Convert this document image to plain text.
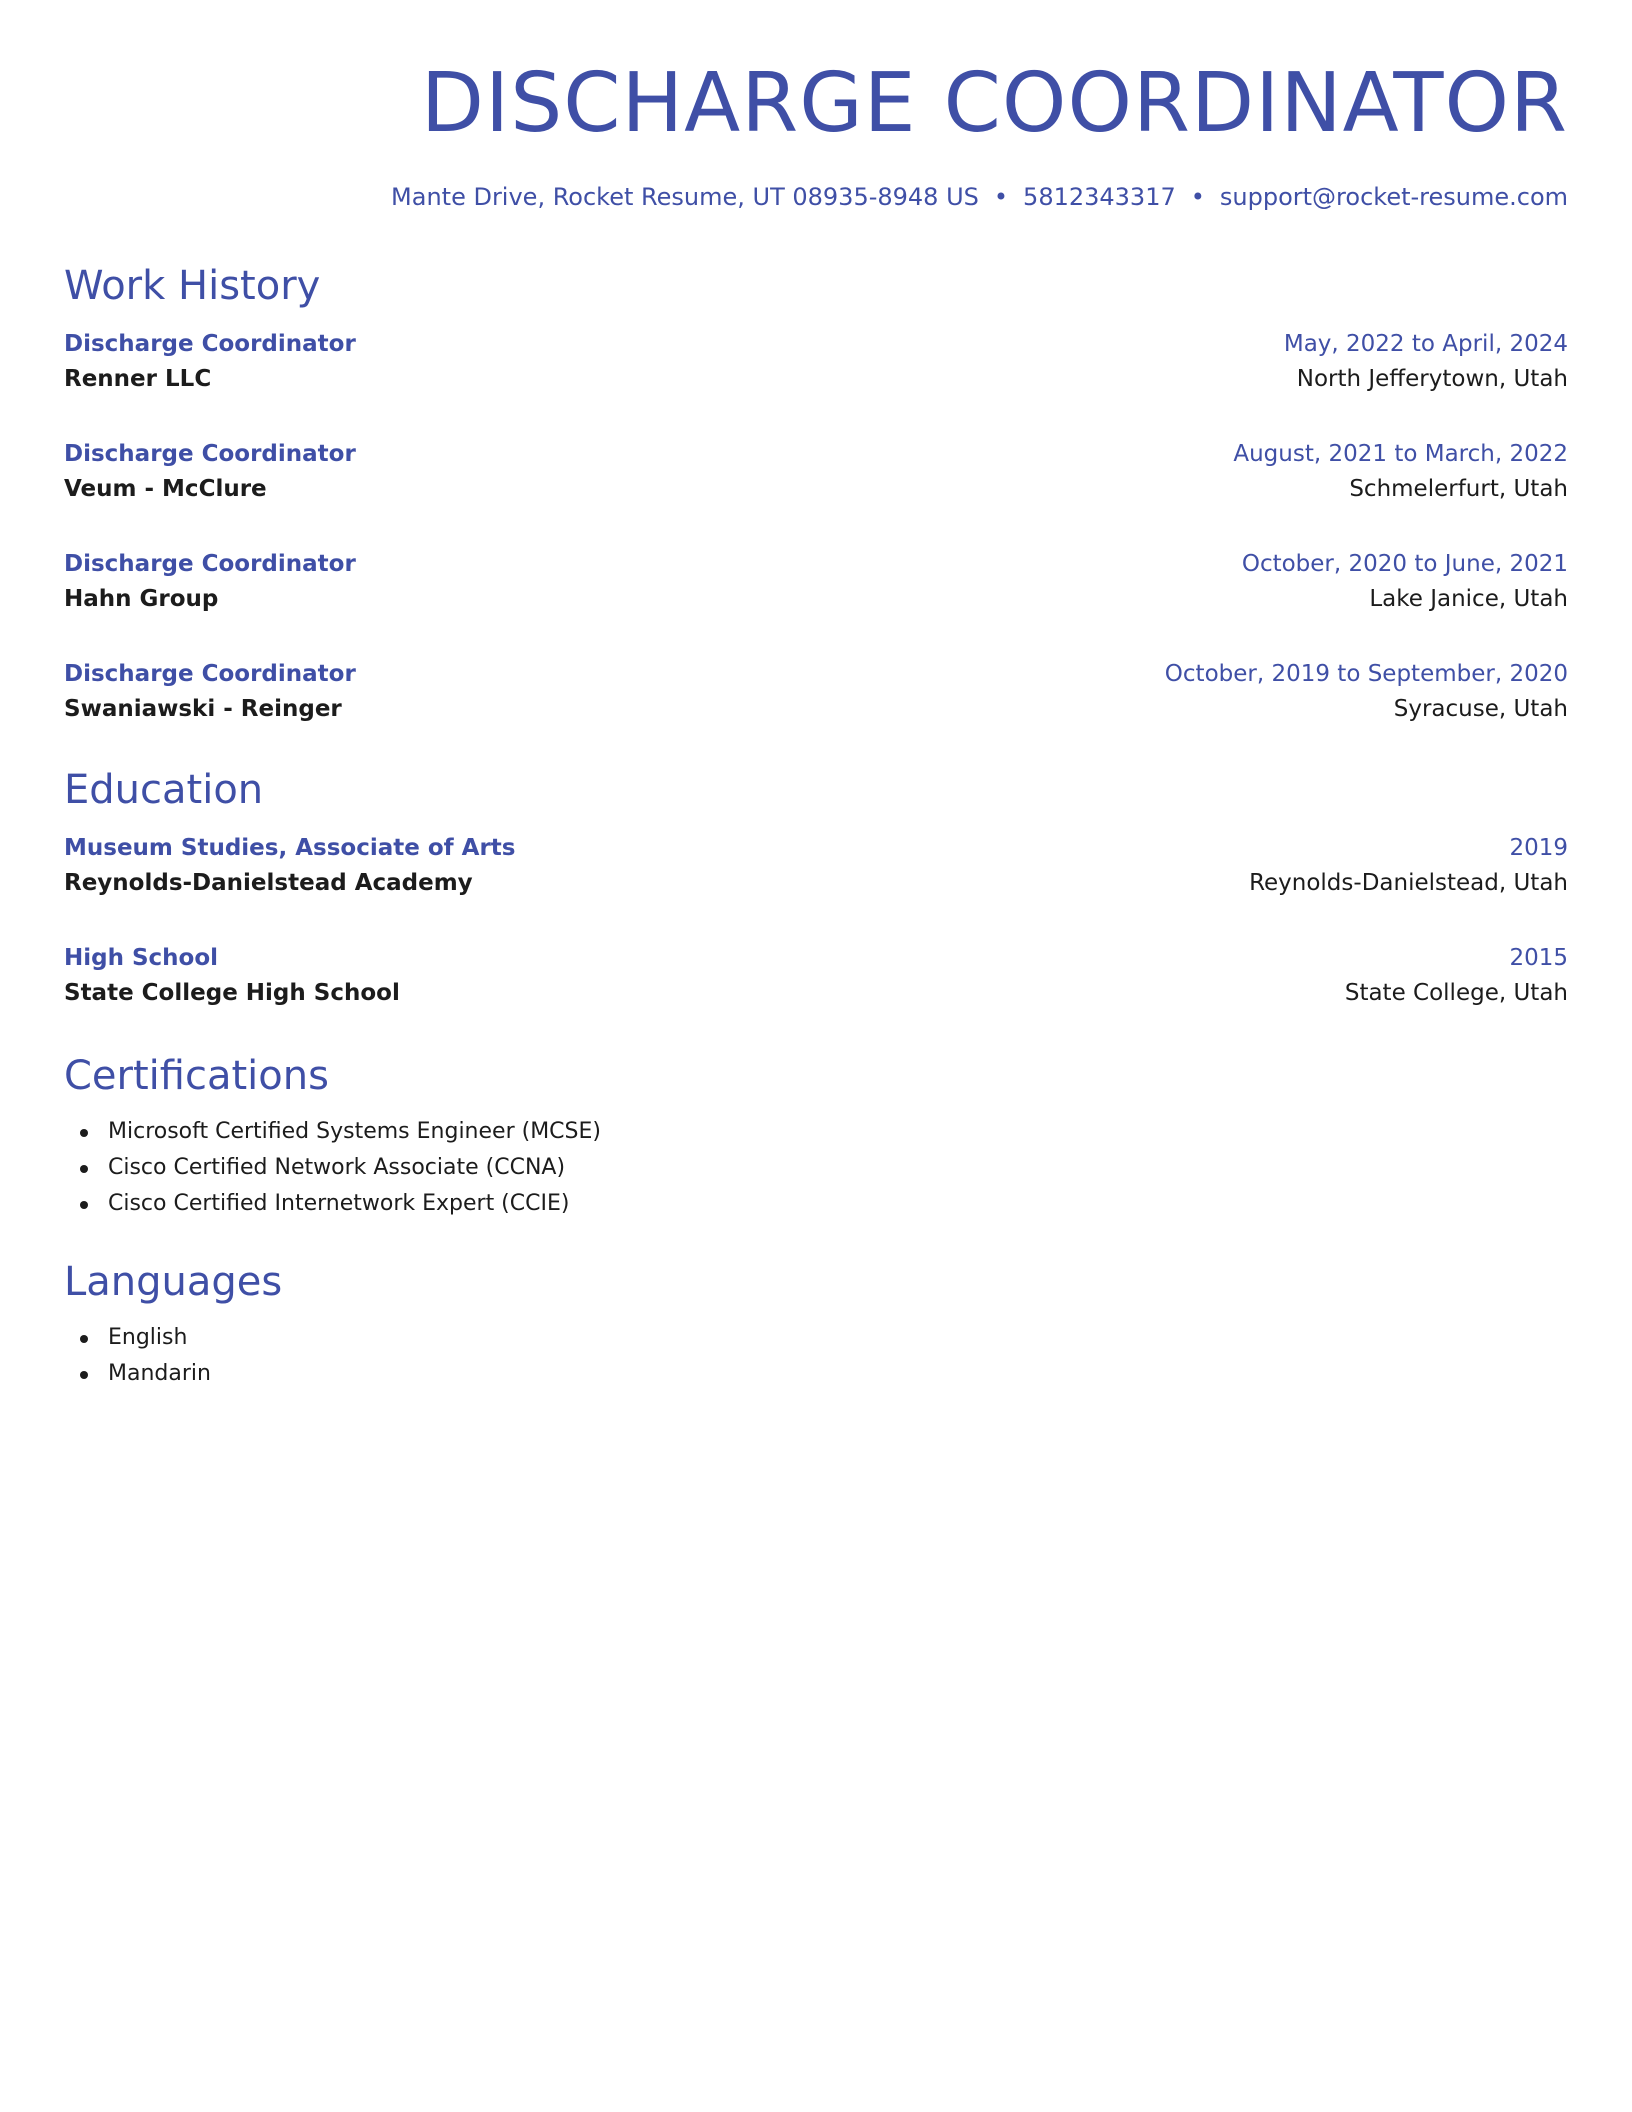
DISCHARGE COORDINATOR
Mante Drive, Rocket Resume, UT 08935-8948 US • 5812343317 • support@rocket-resume.com
Work History
Discharge Coordinator	May, 2022 to April, 2024
Renner LLC	North Jefferytown, Utah
Discharge Coordinator	August, 2021 to March, 2022
Veum - McClure	Schmelerfurt, Utah
Discharge Coordinator	October, 2020 to June, 2021
Hahn Group	Lake Janice, Utah
Discharge Coordinator	October, 2019 to September, 2020
Swaniawski - Reinger	Syracuse, Utah
Education
Museum Studies, Associate of Arts	2019
Reynolds-Danielstead Academy	Reynolds-Danielstead, Utah
High School	2015
State College High School	State College, Utah
Certifications
Microsoft Certified Systems Engineer (MCSE)
Cisco Certified Network Associate (CCNA)
Cisco Certified Internetwork Expert (CCIE)
Languages
English
Mandarin
